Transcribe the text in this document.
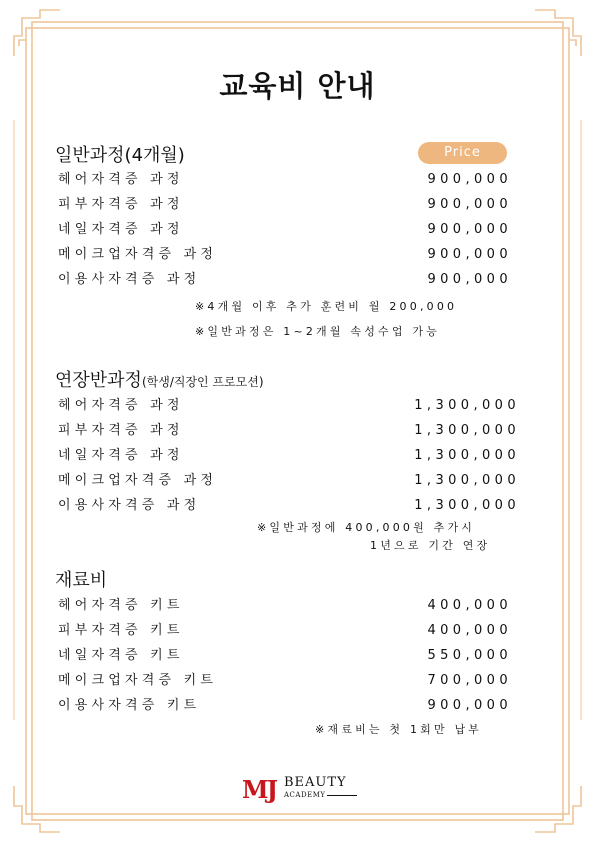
교육비 안내
일반과정(4개월)	Price
헤어자격증 과정	900,000
피부자격증 과정	900,000
네일자격증 과정	900,000
메이크업자격증 과정	900,000
이용사자격증 과정	900,000
※4개월 이후 추가 훈련비 월 200,000
※일반과정은 1~2개월 속성수업 가능
연장반과정(학생/직장인 프로모션)
헤어자격증 과정	1,300,000
피부자격증 과정	1,300,000
네일자격증 과정	1,300,000
메이크업자격증 과정	1,300,000
이용사자격증 과정	1,300,000
※일반과정에 400,000원 추가시
1년으로 기간 연장
재료비
헤어자격증 키트	400,000
피부자격증 키트	400,000
네일자격증 키트	550,000
메이크업자격증 키트	700,000
이용사자격증 키트	900,000
※재료비는 첫 1회만 납부
MJ BEAUTY
ACADEMY
